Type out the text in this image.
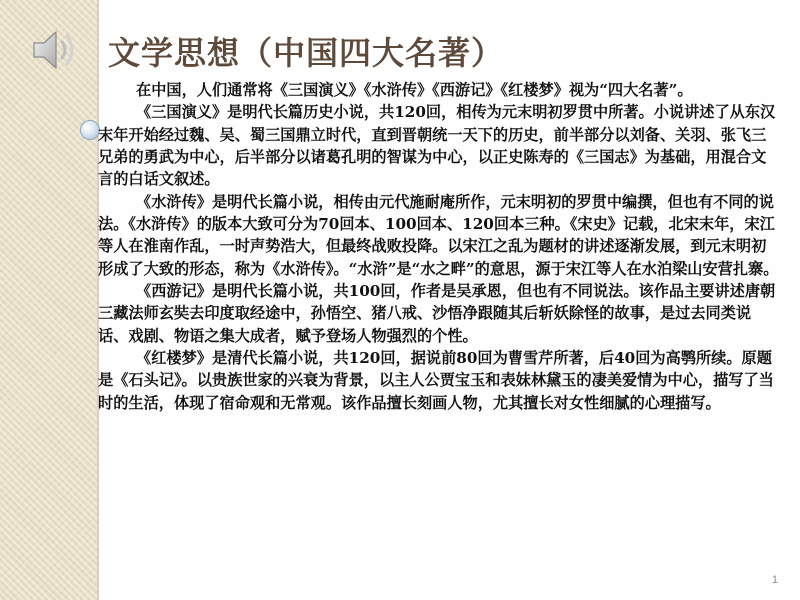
文学思想（中国四大名著）

在中国，人们通常将《三国演义》《水浒传》《西游记》《红楼梦》视为“四大名著”。

《三国演义》是明代长篇历史小说，共120回，相传为元末明初罗贯中所著。小说讲述了从东汉末年开始经过魏、吴、蜀三国鼎立时代，直到晋朝统一天下的历史，前半部分以刘备、关羽、张飞三兄弟的勇武为中心，后半部分以诸葛孔明的智谋为中心，以正史陈寿的《三国志》为基础，用混合文言的白话文叙述。

《水浒传》是明代长篇小说，相传由元代施耐庵所作，元末明初的罗贯中编撰，但也有不同的说法。《水浒传》的版本大致可分为70回本、100回本、120回本三种。《宋史》记载，北宋末年，宋江等人在淮南作乱，一时声势浩大，但最终战败投降。以宋江之乱为题材的讲述逐渐发展，到元末明初形成了大致的形态，称为《水浒传》。“水浒”是“水之畔”的意思，源于宋江等人在水泊梁山安营扎寨。

《西游记》是明代长篇小说，共100回，作者是吴承恩，但也有不同说法。该作品主要讲述唐朝三藏法师玄奘去印度取经途中，孙悟空、猪八戒、沙悟净跟随其后斩妖除怪的故事，是过去同类说话、戏剧、物语之集大成者，赋予登场人物强烈的个性。

《红楼梦》是清代长篇小说，共120回，据说前80回为曹雪芹所著，后40回为高鹗所续。原题是《石头记》。以贵族世家的兴衰为背景，以主人公贾宝玉和表妹林黛玉的凄美爱情为中心，描写了当时的生活，体现了宿命观和无常观。该作品擅长刻画人物，尤其擅长对女性细腻的心理描写。

1
